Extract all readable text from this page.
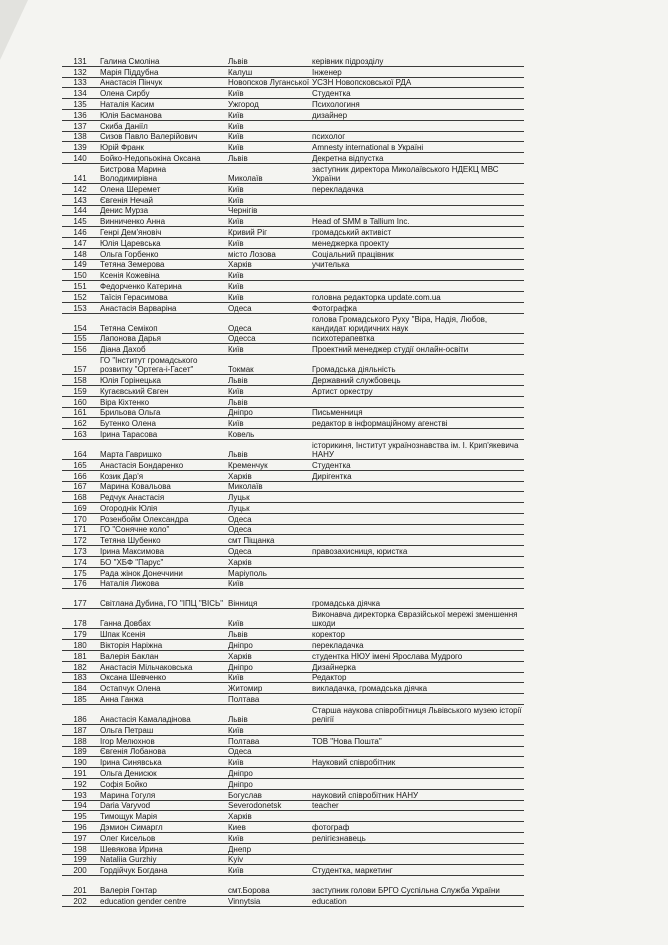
131	Галина Смоліна	Львів	керівник підрозділу
132	Марія Піддубна	Калуш	Інженер
133	Анастасія Пінчук	Новопсков Луганської	УСЗН Новопсковської РДА
134	Олена Сирбу	Київ	Студентка
135	Наталія Касим	Ужгород	Психологиня
136	Юлія Басманова	Київ	дизайнер
137	Скиба Даніїл	Київ	
138	Сизов Павло Валерійович	Київ	психолог
139	Юрій Франк	Київ	Amnesty international в Україні
140	Бойко-Недопьокіна Оксана	Львів	Декретна відпустка
141	Бистрова Марина Володимирівна	Миколаїв	заступник директора Миколаївського НДЕКЦ МВС України
142	Олена Шеремет	Київ	перекладачка
143	Євгенія Нечай	Київ	
144	Денис Мурза	Чернігів	
145	Винниченко Анна	Київ	Head of SMM в Tallium Inc.
146	Генрі Дем'яновіч	Кривий Ріг	громадський активіст
147	Юлія Царевська	Київ	менеджерка проекту
148	Ольга Горбенко	місто Лозова	Соціальний працівник
149	Тетяна Земерова	Харків	учителька
150	Ксенія Кожевіна	Київ	
151	Федорченко Катерина	Київ	
152	Таїсія Герасимова	Київ	головна редакторка update.com.ua
153	Анастасія Варваріна	Одеса	Фотографка
154	Тетяна Семікоп	Одеса	голова Громадського Руху "Віра, Надія, Любов, кандидат юридичних наук
155	Лапонова Дарья	Одесса	психотерапевтка
156	Діана Дахоб	Київ	Проектний менеджер студії онлайн-освіти
157	ГО "Інститут громадського розвитку "Ортега-і-Гасет"	Токмак	Громадська діяльність
158	Юлія Горінецька	Львів	Державний службовець
159	Кугаєвський Євген	Київ	Артист оркестру
160	Віра Кіхтенко	Львів	
161	Брильова Ольга	Дніпро	Письменниця
162	Бутенко Олена	Київ	редактор в інформаційному агенстві
163	Ірина Тарасова	Ковель	
164	Марта Гавришко	Львів	історикиня, Інститут українознавства ім. І. Крип'якевича НАНУ
165	Анастасія Бондаренко	Кременчук	Студентка
166	Козик Дар'я	Харків	Дирігентка
167	Марина Ковальова	Миколаїв	
168	Редчук Анастасія	Луцьк	
169	Огороднік Юлія	Луцьк	
170	Розенбойм Олександра	Одеса	
171	ГО "Сонячне коло"	Одеса	
172	Тетяна Шубенко	смт Піщанка	
173	Ірина Максимова	Одеса	правозахисниця, юристка
174	БО "ХБФ "Парус"	Харків	
175	Рада жінок Донеччини	Маріуполь	
176	Наталія Лижова	Київ	
177	Світлана Дубина, ГО "ІПЦ "ВІСЬ"	Вінниця	громадська діячка
178	Ганна Довбах	Київ	Виконавча директорка Євразійської мережі зменшення шкоди
179	Шпак Ксенія	Львів	коректор
180	Вікторія Наріжна	Дніпро	перекладачка
181	Валерія Баклан	Харків	студентка НЮУ імені Ярослава Мудрого
182	Анастасія Мільчаковська	Дніпро	Дизайнерка
183	Оксана Шевченко	Київ	Редактор
184	Остапчук Олена	Житомир	викладачка, громадська діячка
185	Анна Ганжа	Полтава	
186	Анастасія Камаладінова	Львів	Старша наукова співробітниця Львівського музею історії релігії
187	Ольга Петраш	Київ	
188	Ігор Мелюхнов	Полтава	ТОВ "Нова Пошта"
189	Євгенія Лобанова	Одеса	
190	Ірина Синявська	Київ	Науковий співробітник
191	Ольга Денисюк	Дніпро	
192	Софія Бойко	Дніпро	
193	Марина Гогуля	Богуслав	науковий співробітник НАНУ
194	Daria Varyvod	Severodonetsk	teacher
195	Тимощук Марія	Харків	
196	Дэмион Симаргл	Киев	фотограф
197	Олег Кисельов	Київ	релігієзнавець
198	Шевякова Ирина	Днепр	
199	Nataliia Gurzhiy	Kyiv	
200	Гордійчук Богдана	Київ	Студентка, маркетинг

201	Валерія Гонтар	смт.Борова	заступник голови БРГО Суспільна Служба України
202	education gender centre	Vinnytsia	education
